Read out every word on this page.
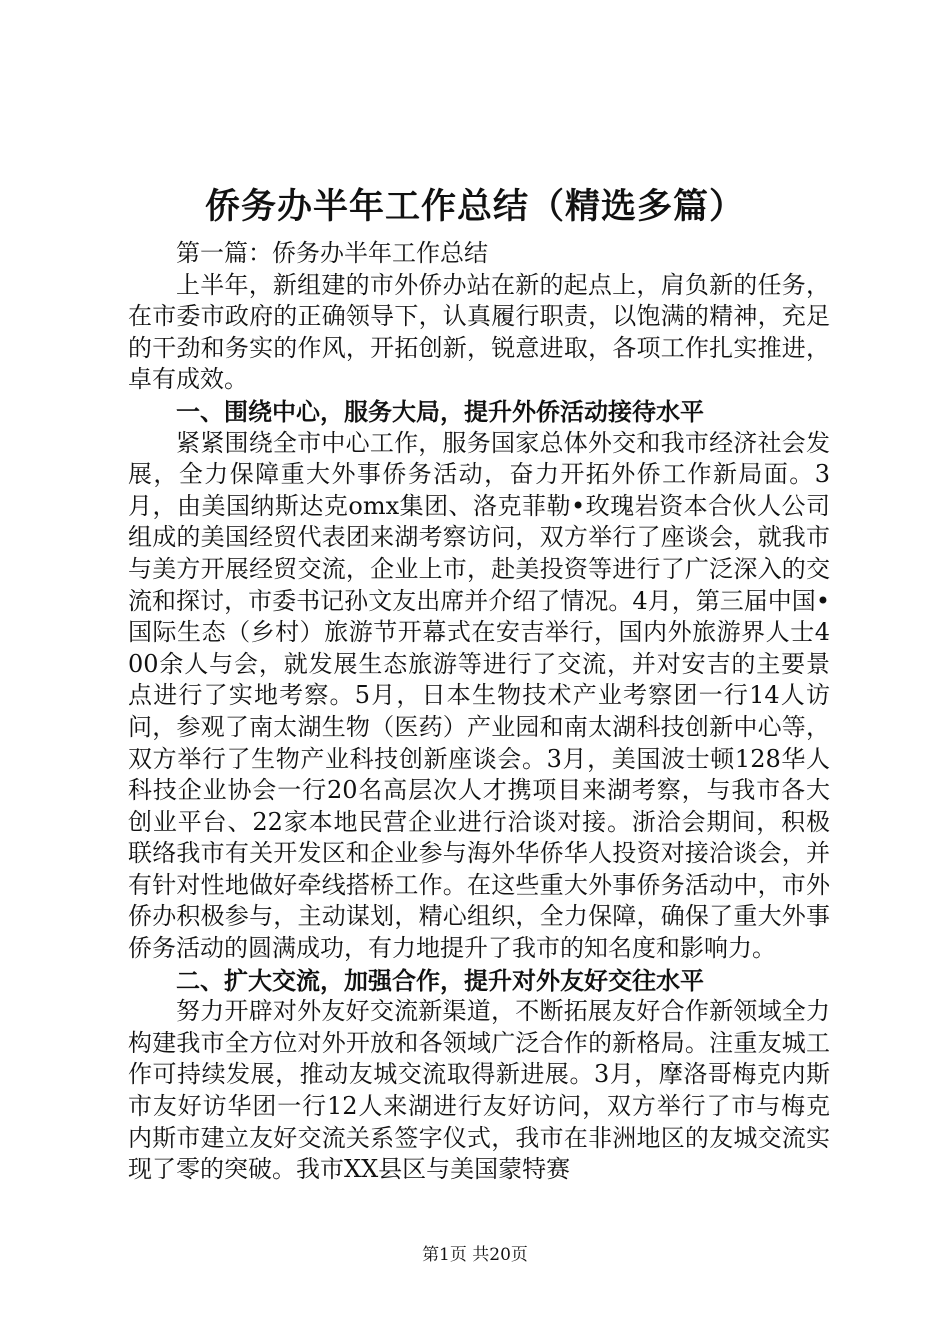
侨务办半年工作总结（精选多篇）

第一篇：侨务办半年工作总结

上半年，新组建的市外侨办站在新的起点上，肩负新的任务，在市委市政府的正确领导下，认真履行职责，以饱满的精神，充足的干劲和务实的作风，开拓创新，锐意进取，各项工作扎实推进，卓有成效。

一、围绕中心，服务大局，提升外侨活动接待水平

紧紧围绕全市中心工作，服务国家总体外交和我市经济社会发展，全力保障重大外事侨务活动，奋力开拓外侨工作新局面。3月，由美国纳斯达克omx集团、洛克菲勒•玫瑰岩资本合伙人公司组成的美国经贸代表团来湖考察访问，双方举行了座谈会，就我市与美方开展经贸交流，企业上市，赴美投资等进行了广泛深入的交流和探讨，市委书记孙文友出席并介绍了情况。4月，第三届中国•国际生态（乡村）旅游节开幕式在安吉举行，国内外旅游界人士400余人与会，就发展生态旅游等进行了交流，并对安吉的主要景点进行了实地考察。5月，日本生物技术产业考察团一行14人访问，参观了南太湖生物（医药）产业园和南太湖科技创新中心等，双方举行了生物产业科技创新座谈会。3月，美国波士顿128华人科技企业协会一行20名高层次人才携项目来湖考察，与我市各大创业平台、22家本地民营企业进行洽谈对接。浙洽会期间，积极联络我市有关开发区和企业参与海外华侨华人投资对接洽谈会，并有针对性地做好牵线搭桥工作。在这些重大外事侨务活动中，市外侨办积极参与，主动谋划，精心组织，全力保障，确保了重大外事侨务活动的圆满成功，有力地提升了我市的知名度和影响力。

二、扩大交流，加强合作，提升对外友好交往水平

努力开辟对外友好交流新渠道，不断拓展友好合作新领域全力构建我市全方位对外开放和各领域广泛合作的新格局。注重友城工作可持续发展，推动友城交流取得新进展。3月，摩洛哥梅克内斯市友好访华团一行12人来湖进行友好访问，双方举行了市与梅克内斯市建立友好交流关系签字仪式，我市在非洲地区的友城交流实现了零的突破。我市XX县区与美国蒙特赛

第1页 共20页
